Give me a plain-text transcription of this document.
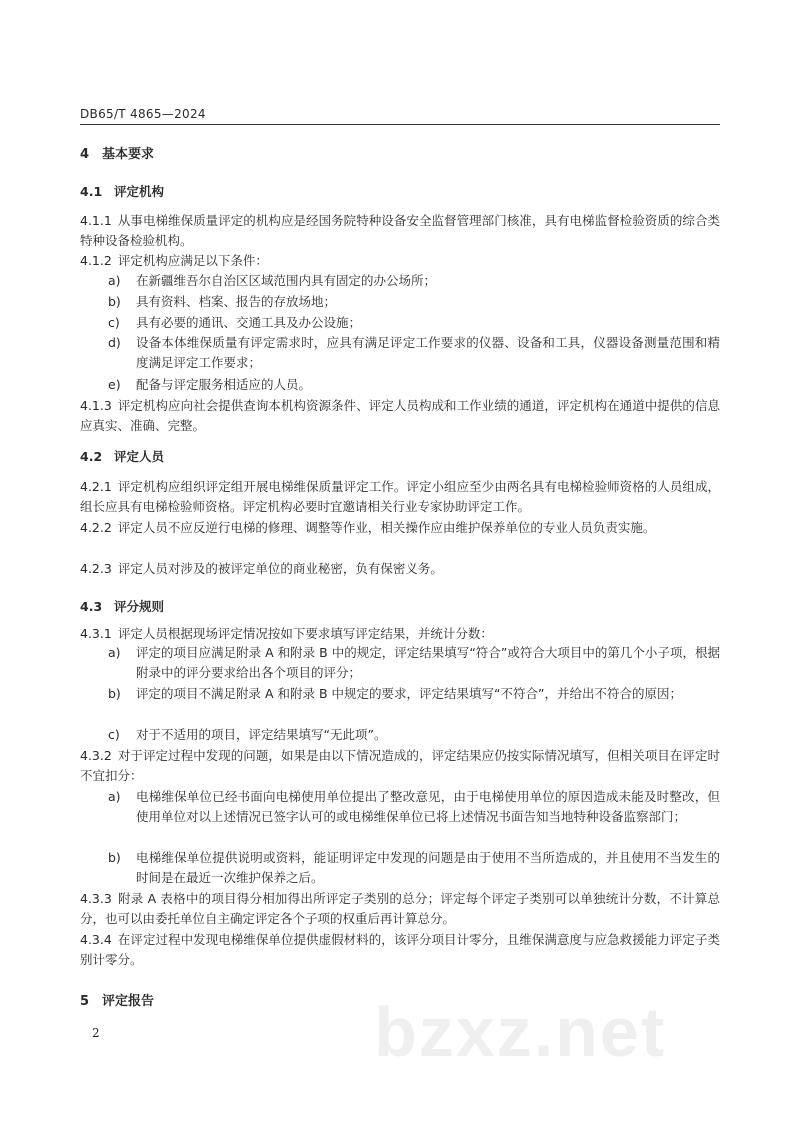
DB65/T 4865—2024
4 基本要求
4.1 评定机构
4.1.1 从事电梯维保质量评定的机构应是经国务院特种设备安全监督管理部门核准，具有电梯监督检验资质的综合类特种设备检验机构。
4.1.2 评定机构应满足以下条件：
a)	在新疆维吾尔自治区区域范围内具有固定的办公场所；
b)	具有资料、档案、报告的存放场地；
c)	具有必要的通讯、交通工具及办公设施；
d)	设备本体维保质量有评定需求时，应具有满足评定工作要求的仪器、设备和工具，仪器设备测量范围和精度满足评定工作要求；
e)	配备与评定服务相适应的人员。
4.1.3 评定机构应向社会提供查询本机构资源条件、评定人员构成和工作业绩的通道，评定机构在通道中提供的信息应真实、准确、完整。
4.2 评定人员
4.2.1 评定机构应组织评定组开展电梯维保质量评定工作。评定小组应至少由两名具有电梯检验师资格的人员组成，组长应具有电梯检验师资格。评定机构必要时宜邀请相关行业专家协助评定工作。
4.2.2 评定人员不应反逆行电梯的修理、调整等作业，相关操作应由维护保养单位的专业人员负责实施。
4.2.3 评定人员对涉及的被评定单位的商业秘密，负有保密义务。
4.3 评分规则
4.3.1 评定人员根据现场评定情况按如下要求填写评定结果，并统计分数：
a)	评定的项目应满足附录 A 和附录 B 中的规定，评定结果填写“符合”或符合大项目中的第几个小子项，根据附录中的评分要求给出各个项目的评分；
b)	评定的项目不满足附录 A 和附录 B 中规定的要求，评定结果填写“不符合”，并给出不符合的原因；
c)	对于不适用的项目，评定结果填写“无此项”。
4.3.2 对于评定过程中发现的问题，如果是由以下情况造成的，评定结果应仍按实际情况填写，但相关项目在评定时不宜扣分：
a)	电梯维保单位已经书面向电梯使用单位提出了整改意见，由于电梯使用单位的原因造成未能及时整改，但使用单位对以上述情况已签字认可的或电梯维保单位已将上述情况书面告知当地特种设备监察部门；
b)	电梯维保单位提供说明或资料，能证明评定中发现的问题是由于使用不当所造成的，并且使用不当发生的时间是在最近一次维护保养之后。
4.3.3 附录 A 表格中的项目得分相加得出所评定子类别的总分；评定每个评定子类别可以单独统计分数，不计算总分，也可以由委托单位自主确定评定各个子项的权重后再计算总分。
4.3.4 在评定过程中发现电梯维保单位提供虚假材料的，该评分项目计零分，且维保满意度与应急救援能力评定子类别计零分。
5 评定报告	bzxz.net
2
